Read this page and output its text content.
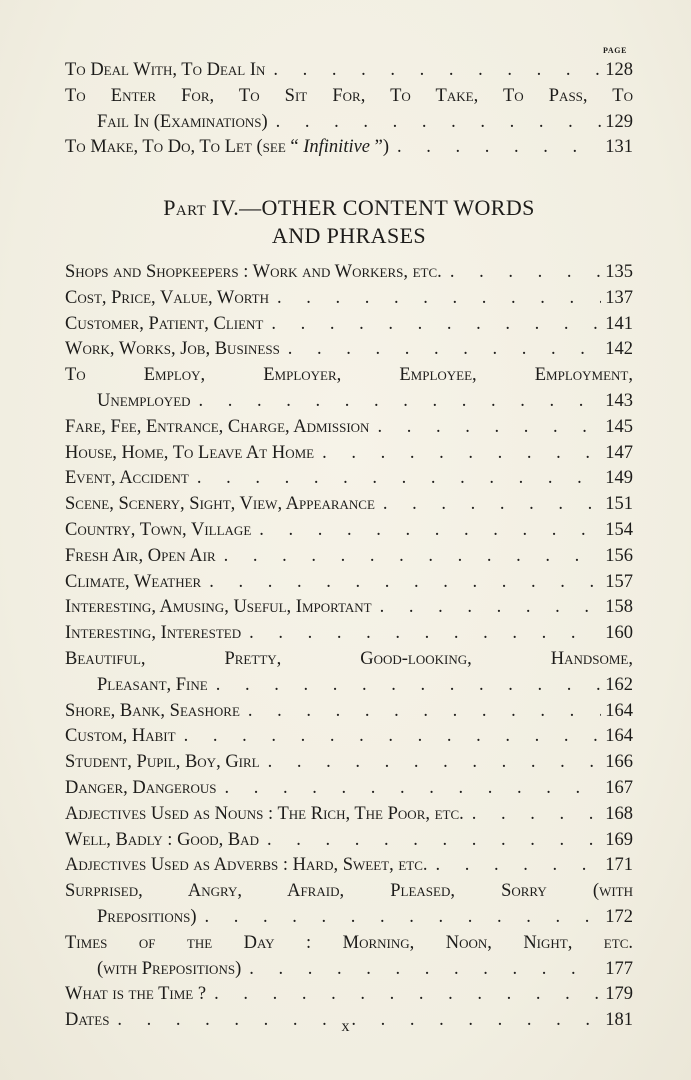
PAGE
To Deal With, To Deal In . . .	128
To Enter For, To Sit For, To Take, To Pass, To
Fail In (Examinations) . . .	129
To Make, To Do, To Let (see “ Infinitive ”) . . .	131
Part IV.—OTHER CONTENT WORDS
AND PHRASES
Shops and Shopkeepers : Work and Workers, etc. . . .	135
Cost, Price, Value, Worth . . .	137
Customer, Patient, Client . . .	141
Work, Works, Job, Business . . .	142
To Employ, Employer, Employee, Employment,
Unemployed . . .	143
Fare, Fee, Entrance, Charge, Admission . . .	145
House, Home, To Leave At Home . . .	147
Event, Accident . . .	149
Scene, Scenery, Sight, View, Appearance . . .	151
Country, Town, Village . . .	154
Fresh Air, Open Air . . .	156
Climate, Weather . . .	157
Interesting, Amusing, Useful, Important . . .	158
Interesting, Interested . . .	160
Beautiful, Pretty, Good-looking, Handsome,
Pleasant, Fine . . .	162
Shore, Bank, Seashore . . .	164
Custom, Habit . . .	164
Student, Pupil, Boy, Girl . . .	166
Danger, Dangerous . . .	167
Adjectives Used as Nouns : The Rich, The Poor, etc. . . .	168
Well, Badly : Good, Bad . . .	169
Adjectives Used as Adverbs : Hard, Sweet, etc. . . .	171
Surprised, Angry, Afraid, Pleased, Sorry (with
Prepositions) . . .	172
Times of the Day : Morning, Noon, Night, etc.
(with Prepositions) . . .	177
What is the Time ? . . .	179
Dates . . .	181
x
